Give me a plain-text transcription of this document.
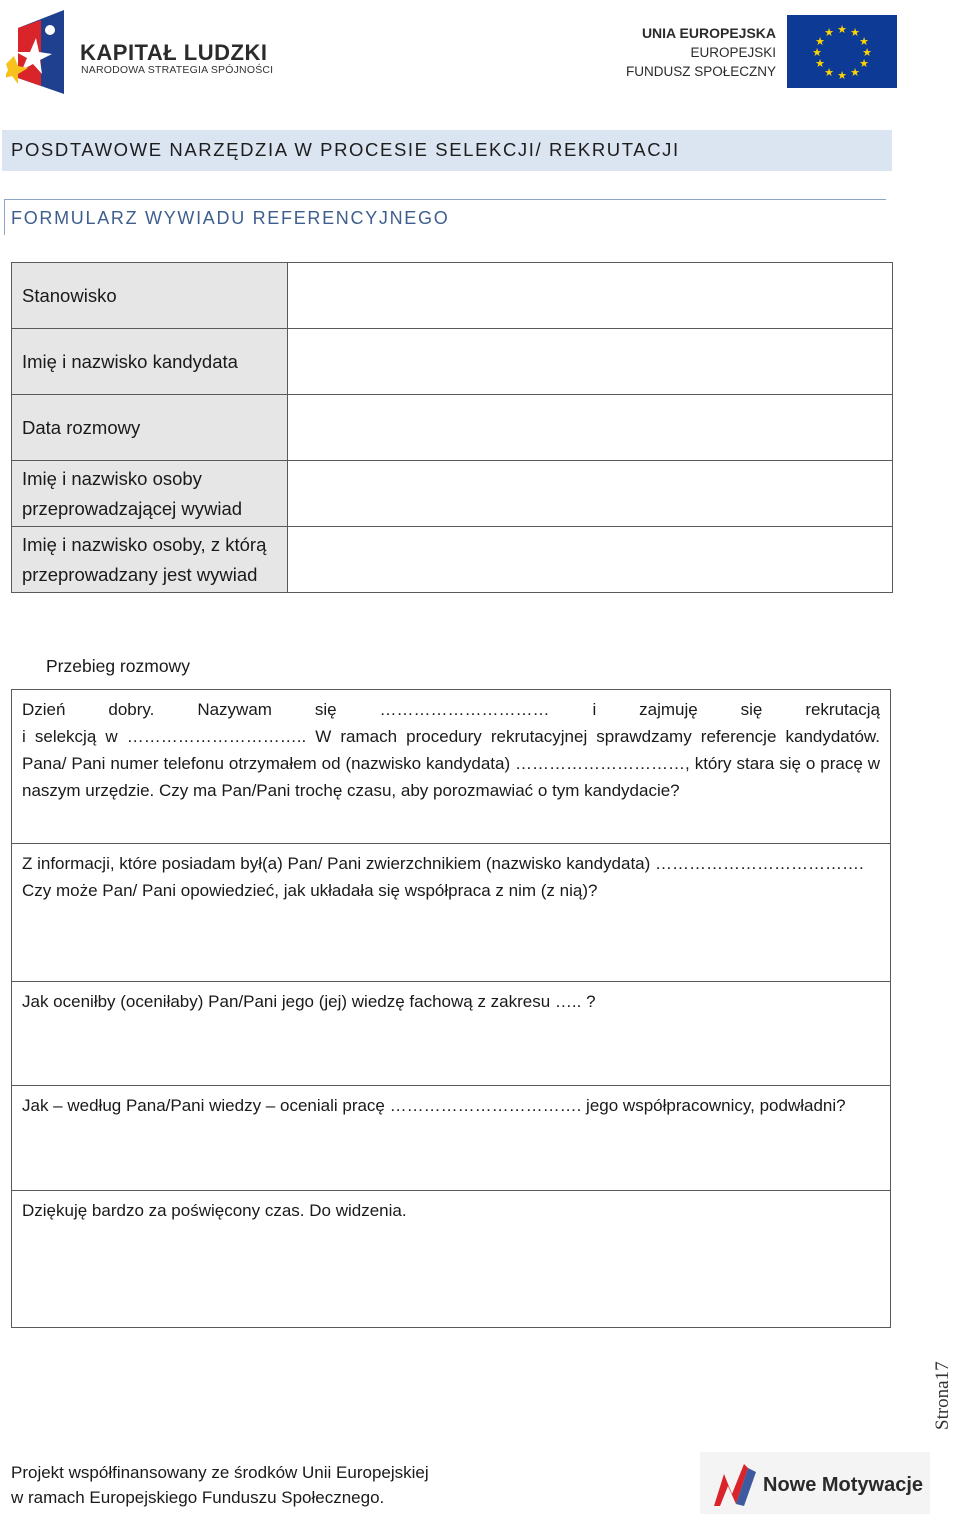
KAPITAŁ LUDZKI
NARODOWA STRATEGIA SPÓJNOŚCI
UNIA EUROPEJSKA
EUROPEJSKI
FUNDUSZ SPOŁECZNY
★ ★
★
★
★
★
★
★
★
★
★
★
POSDTAWOWE NARZĘDZIA W PROCESIE SELEKCJI/ REKRUTACJI
FORMULARZ WYWIADU REFERENCYJNEGO
Stanowisko	
Imię i nazwisko kandydata	
Data rozmowy	
Imię i nazwisko osoby przeprowadzającej wywiad	
Imię i nazwisko osoby, z którą przeprowadzany jest wywiad	
Przebieg rozmowy
Dzień	dobry.	Nazywam	się	…………………………	i	zajmuję	się	rekrutacją
i selekcją w ………………………….. W ramach procedury rekrutacyjnej sprawdzamy referencje kandydatów. Pana/ Pani numer telefonu otrzymałem od (nazwisko kandydata) …………………………, który stara się o pracę w naszym urzędzie. Czy ma Pan/Pani trochę czasu, aby porozmawiać o tym kandydacie?
Z informacji, które posiadam był(a) Pan/ Pani zwierzchnikiem (nazwisko kandydata) ……………………………….
Czy może Pan/ Pani opowiedzieć, jak układała się współpraca z nim (z nią)?
Jak oceniłby (oceniłaby) Pan/Pani jego (jej) wiedzę fachową z zakresu ….. ?
Jak – według Pana/Pani wiedzy – oceniali pracę ……………………………. jego współpracownicy, podwładni?
Dziękuję bardzo za poświęcony czas. Do widzenia.
Strona17
Projekt współfinansowany ze środków Unii Europejskiej
w ramach Europejskiego Funduszu Społecznego.
Nowe Motywacje
